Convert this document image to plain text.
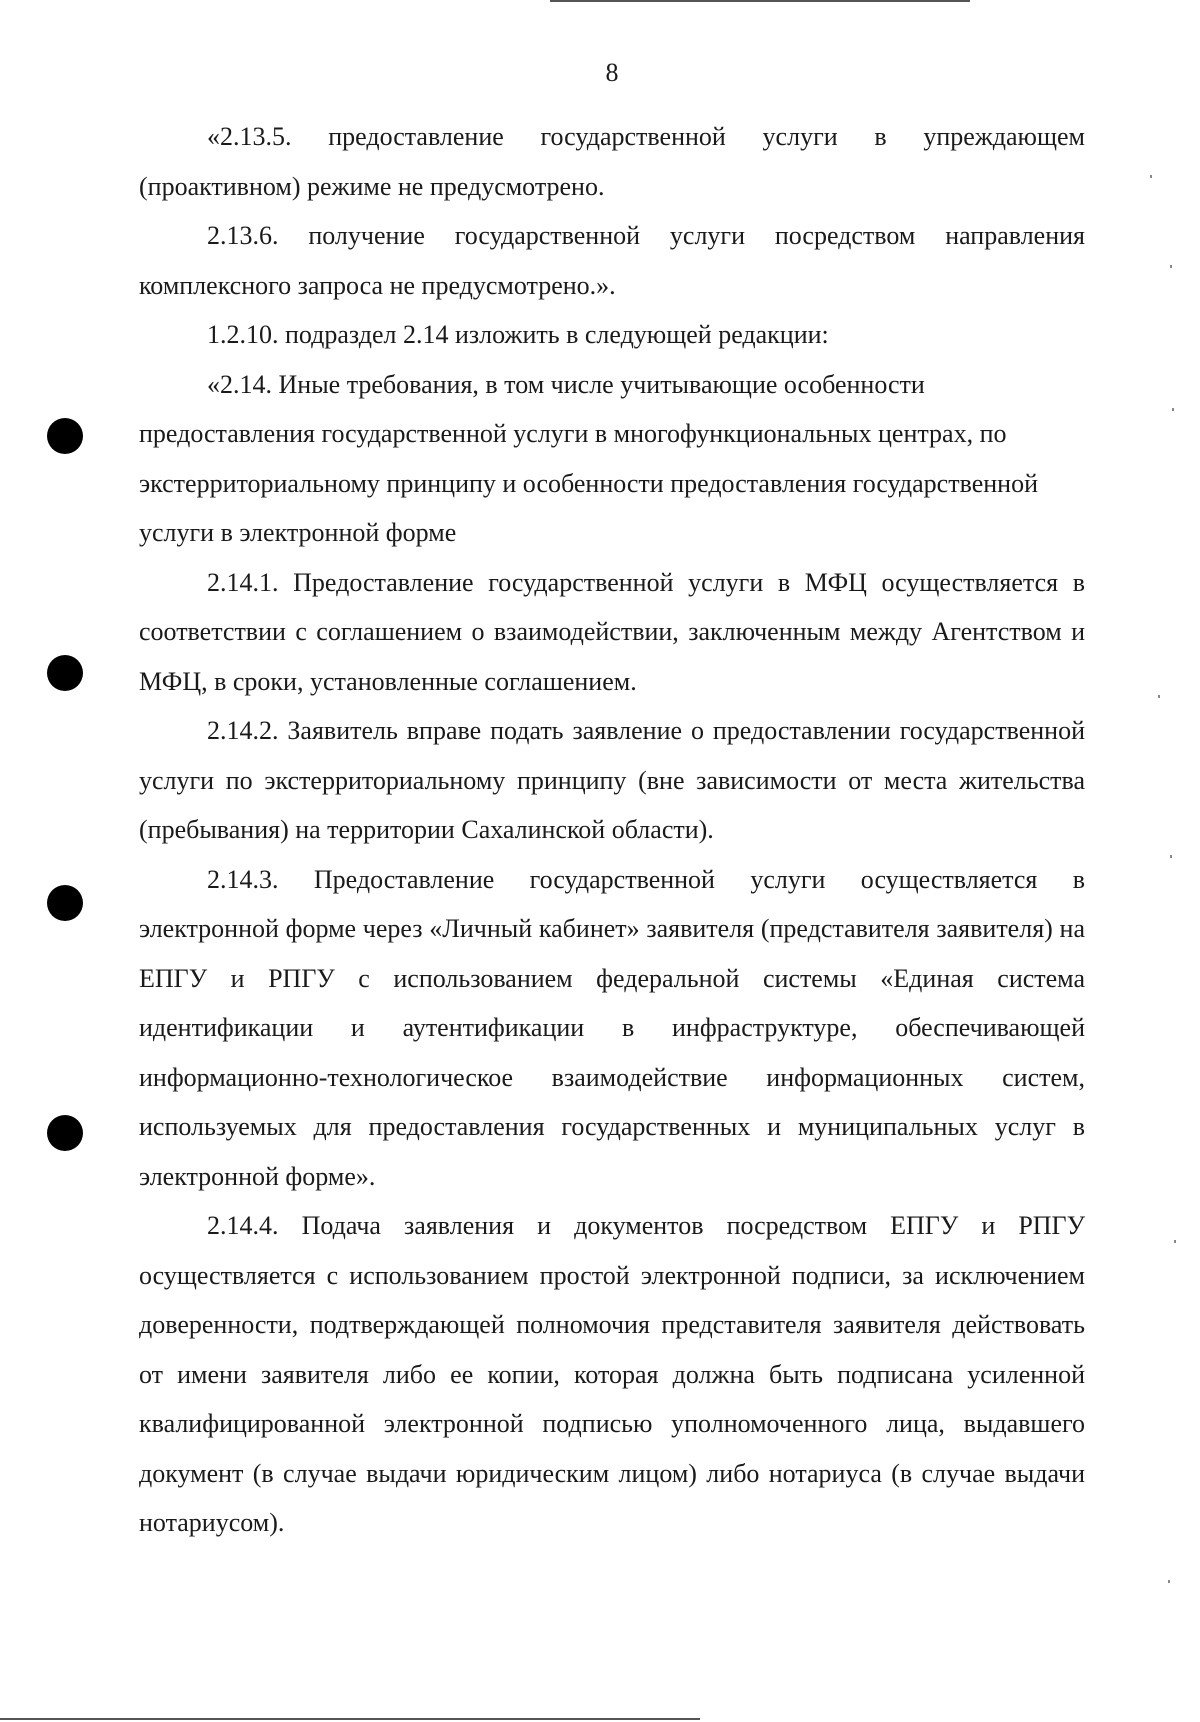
8

«2.13.5. предоставление государственной услуги в упреждающем (проактивном) режиме не предусмотрено.

2.13.6. получение государственной услуги посредством направления комплексного запроса не предусмотрено.».

1.2.10. подраздел 2.14 изложить в следующей редакции:

«2.14. Иные требования, в том числе учитывающие особенности предоставления государственной услуги в многофункциональных центрах, по экстерриториальному принципу и особенности предоставления государственной услуги в электронной форме

2.14.1. Предоставление государственной услуги в МФЦ осуществляется в соответствии с соглашением о взаимодействии, заключенным между Агентством и МФЦ, в сроки, установленные соглашением.

2.14.2. Заявитель вправе подать заявление о предоставлении государственной услуги по экстерриториальному принципу (вне зависимости от места жительства (пребывания) на территории Сахалинской области).

2.14.3. Предоставление государственной услуги осуществляется в электронной форме через «Личный кабинет» заявителя (представителя заявителя) на ЕПГУ и РПГУ с использованием федеральной системы «Единая система идентификации и аутентификации в инфраструктуре, обеспечивающей информационно-технологическое взаимодействие информационных систем, используемых для предоставления государственных и муниципальных услуг в электронной форме».

2.14.4. Подача заявления и документов посредством ЕПГУ и РПГУ осуществляется с использованием простой электронной подписи, за исключением доверенности, подтверждающей полномочия представителя заявителя действовать от имени заявителя либо ее копии, которая должна быть подписана усиленной квалифицированной электронной подписью уполномоченного лица, выдавшего документ (в случае выдачи юридическим лицом) либо нотариуса (в случае выдачи нотариусом).
